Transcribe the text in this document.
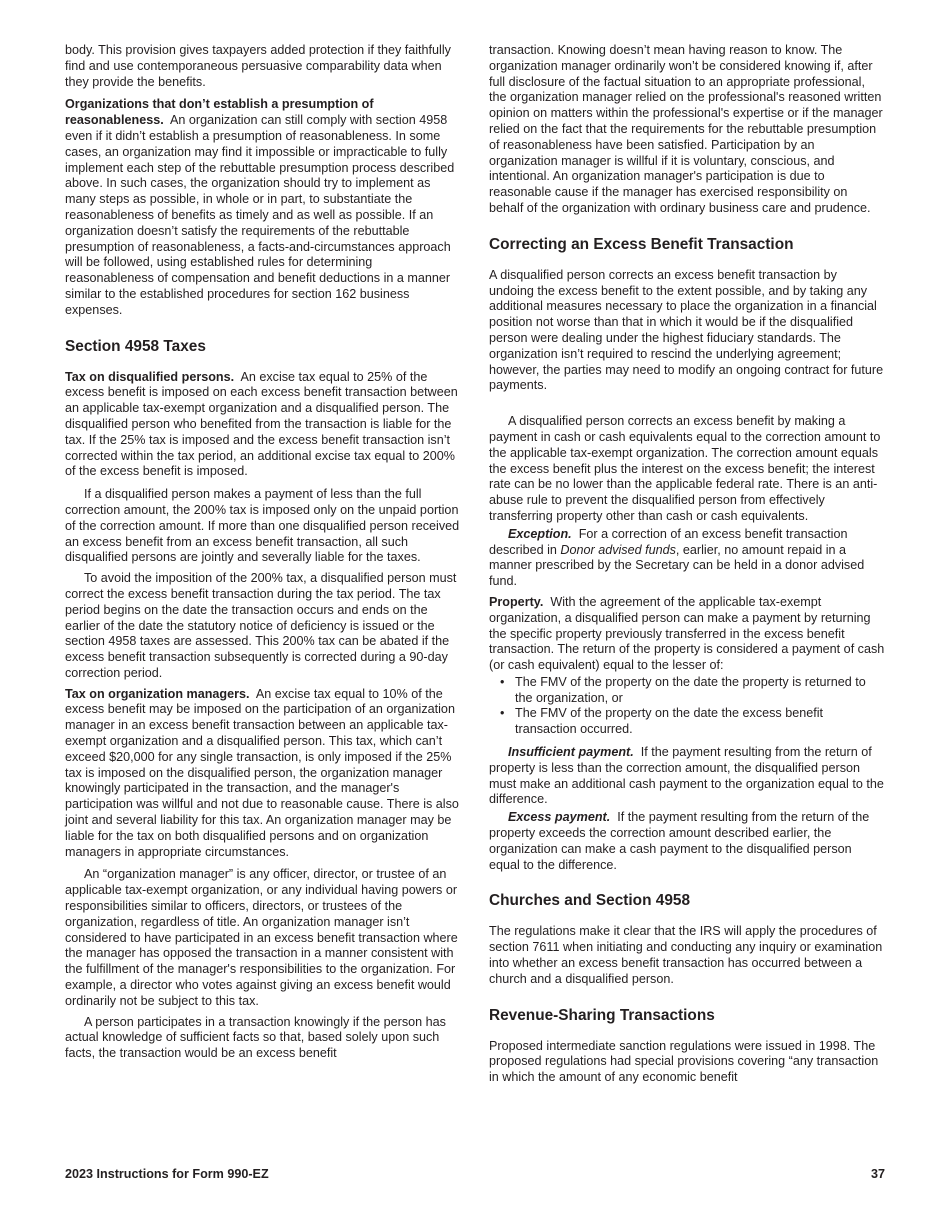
body. This provision gives taxpayers added protection if they faithfully find and use contemporaneous persuasive comparability data when they provide the benefits.

Organizations that don’t establish a presumption of reasonableness. An organization can still comply with section 4958 even if it didn’t establish a presumption of reasonableness. In some cases, an organization may find it impossible or impracticable to fully implement each step of the rebuttable presumption process described above. In such cases, the organization should try to implement as many steps as possible, in whole or in part, to substantiate the reasonableness of benefits as timely and as well as possible. If an organization doesn’t satisfy the requirements of the rebuttable presumption of reasonableness, a facts-and-circumstances approach will be followed, using established rules for determining reasonableness of compensation and benefit deductions in a manner similar to the established procedures for section 162 business expenses.

Section 4958 Taxes

Tax on disqualified persons. An excise tax equal to 25% of the excess benefit is imposed on each excess benefit transaction between an applicable tax-exempt organization and a disqualified person. The disqualified person who benefited from the transaction is liable for the tax. If the 25% tax is imposed and the excess benefit transaction isn’t corrected within the tax period, an additional excise tax equal to 200% of the excess benefit is imposed.

If a disqualified person makes a payment of less than the full correction amount, the 200% tax is imposed only on the unpaid portion of the correction amount. If more than one disqualified person received an excess benefit from an excess benefit transaction, all such disqualified persons are jointly and severally liable for the taxes.

To avoid the imposition of the 200% tax, a disqualified person must correct the excess benefit transaction during the tax period. The tax period begins on the date the transaction occurs and ends on the earlier of the date the statutory notice of deficiency is issued or the section 4958 taxes are assessed. This 200% tax can be abated if the excess benefit transaction subsequently is corrected during a 90-day correction period.

Tax on organization managers. An excise tax equal to 10% of the excess benefit may be imposed on the participation of an organization manager in an excess benefit transaction between an applicable tax-exempt organization and a disqualified person. This tax, which can’t exceed $20,000 for any single transaction, is only imposed if the 25% tax is imposed on the disqualified person, the organization manager knowingly participated in the transaction, and the manager's participation was willful and not due to reasonable cause. There is also joint and several liability for this tax. An organization manager may be liable for the tax on both disqualified persons and on organization managers in appropriate circumstances.

An “organization manager” is any officer, director, or trustee of an applicable tax-exempt organization, or any individual having powers or responsibilities similar to officers, directors, or trustees of the organization, regardless of title. An organization manager isn’t considered to have participated in an excess benefit transaction where the manager has opposed the transaction in a manner consistent with the fulfillment of the manager's responsibilities to the organization. For example, a director who votes against giving an excess benefit would ordinarily not be subject to this tax.

A person participates in a transaction knowingly if the person has actual knowledge of sufficient facts so that, based solely upon such facts, the transaction would be an excess benefit

transaction. Knowing doesn’t mean having reason to know. The organization manager ordinarily won’t be considered knowing if, after full disclosure of the factual situation to an appropriate professional, the organization manager relied on the professional's reasoned written opinion on matters within the professional's expertise or if the manager relied on the fact that the requirements for the rebuttable presumption of reasonableness have been satisfied. Participation by an organization manager is willful if it is voluntary, conscious, and intentional. An organization manager's participation is due to reasonable cause if the manager has exercised responsibility on behalf of the organization with ordinary business care and prudence.

Correcting an Excess Benefit Transaction

A disqualified person corrects an excess benefit transaction by undoing the excess benefit to the extent possible, and by taking any additional measures necessary to place the organization in a financial position not worse than that in which it would be if the disqualified person were dealing under the highest fiduciary standards. The organization isn’t required to rescind the underlying agreement; however, the parties may need to modify an ongoing contract for future payments.

A disqualified person corrects an excess benefit by making a payment in cash or cash equivalents equal to the correction amount to the applicable tax-exempt organization. The correction amount equals the excess benefit plus the interest on the excess benefit; the interest rate can be no lower than the applicable federal rate. There is an anti-abuse rule to prevent the disqualified person from effectively transferring property other than cash or cash equivalents.

Exception. For a correction of an excess benefit transaction described in Donor advised funds, earlier, no amount repaid in a manner prescribed by the Secretary can be held in a donor advised fund.

Property. With the agreement of the applicable tax-exempt organization, a disqualified person can make a payment by returning the specific property previously transferred in the excess benefit transaction. The return of the property is considered a payment of cash (or cash equivalent) equal to the lesser of:

• The FMV of the property on the date the property is returned to the organization, or
• The FMV of the property on the date the excess benefit transaction occurred.

Insufficient payment. If the payment resulting from the return of property is less than the correction amount, the disqualified person must make an additional cash payment to the organization equal to the difference.

Excess payment. If the payment resulting from the return of the property exceeds the correction amount described earlier, the organization can make a cash payment to the disqualified person equal to the difference.

Churches and Section 4958

The regulations make it clear that the IRS will apply the procedures of section 7611 when initiating and conducting any inquiry or examination into whether an excess benefit transaction has occurred between a church and a disqualified person.

Revenue-Sharing Transactions

Proposed intermediate sanction regulations were issued in 1998. The proposed regulations had special provisions covering “any transaction in which the amount of any economic benefit

2023 Instructions for Form 990-EZ	37
